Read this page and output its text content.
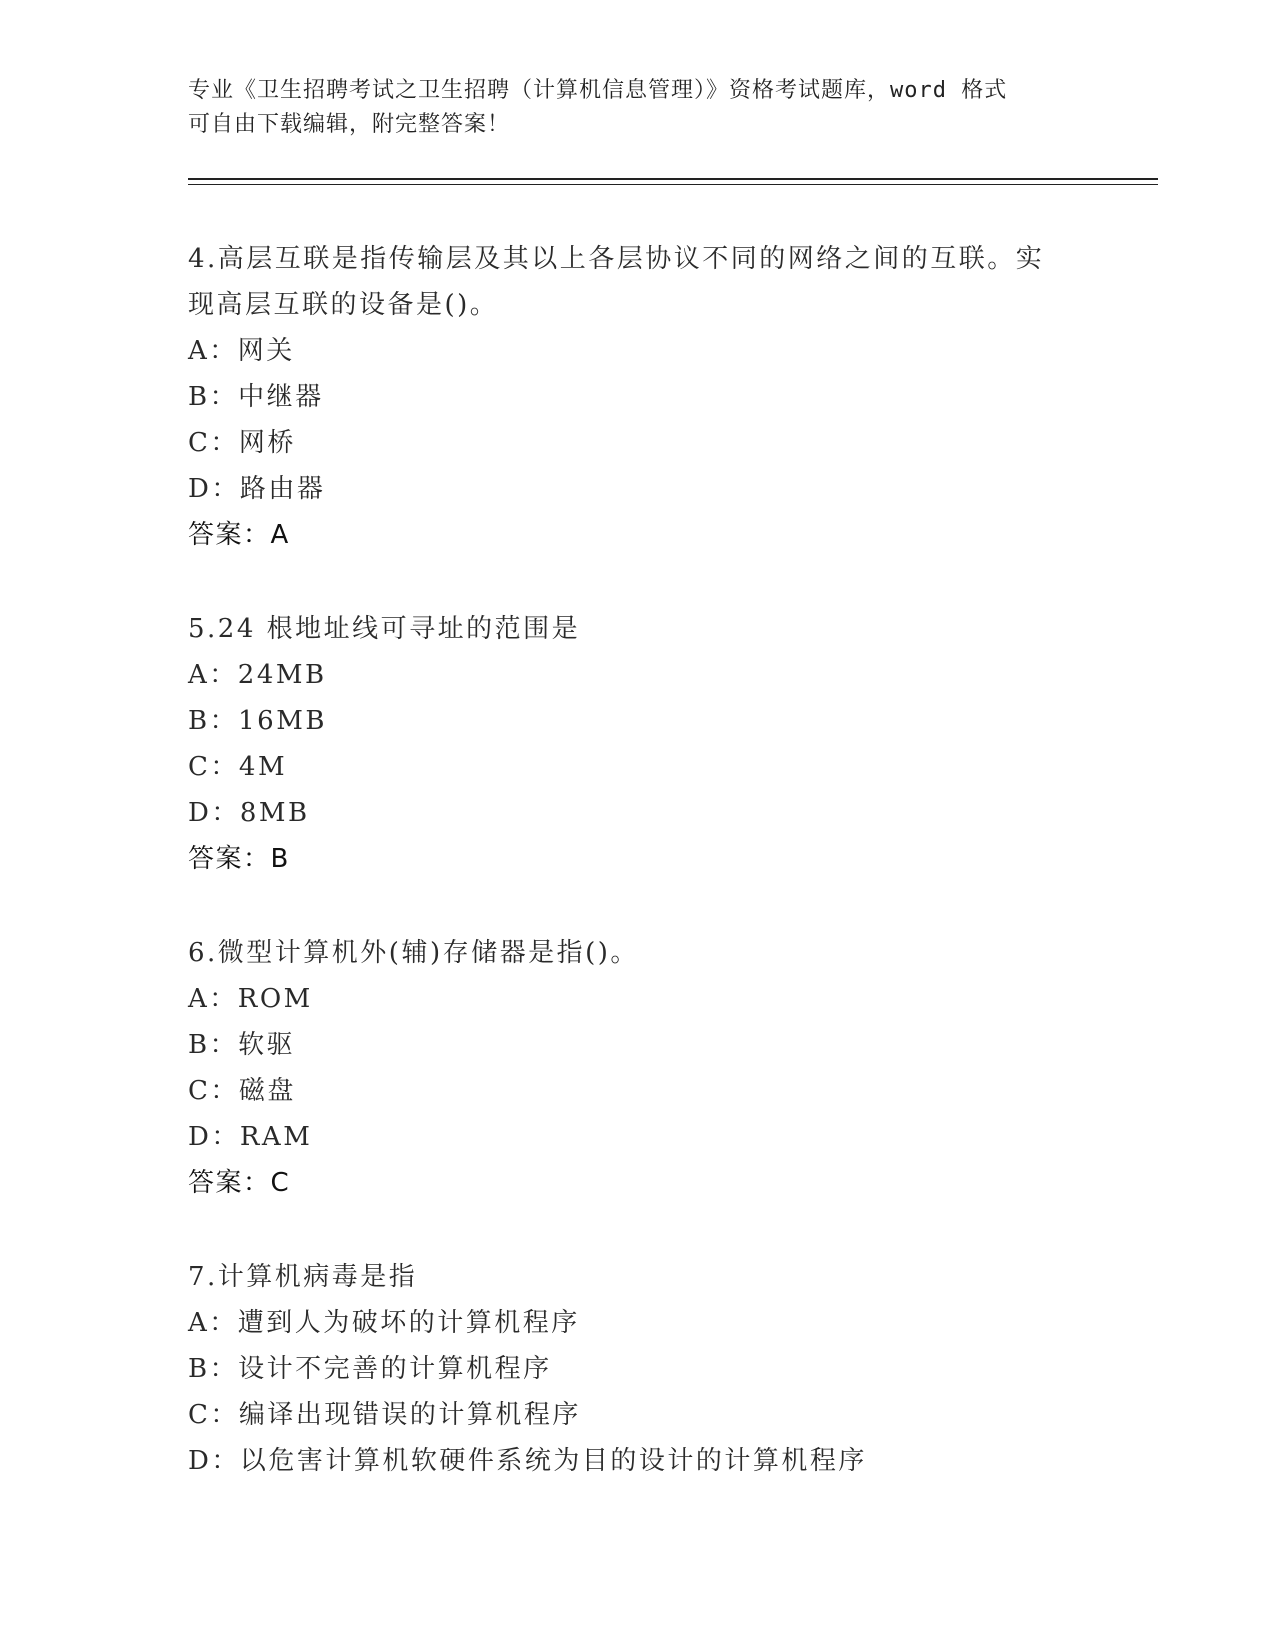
专业《卫生招聘考试之卫生招聘（计算机信息管理）》资格考试题库，word 格式
可自由下载编辑，附完整答案！
4.高层互联是指传输层及其以上各层协议不同的网络之间的互联。实
现高层互联的设备是()。
A：网关
B：中继器
C：网桥
D：路由器
答案：A
5.24 根地址线可寻址的范围是
A：24MB
B：16MB
C：4M
D：8MB
答案：B
6.微型计算机外(辅)存储器是指()。
A：ROM
B：软驱
C：磁盘
D：RAM
答案：C
7.计算机病毒是指
A：遭到人为破坏的计算机程序
B：设计不完善的计算机程序
C：编译出现错误的计算机程序
D：以危害计算机软硬件系统为目的设计的计算机程序
